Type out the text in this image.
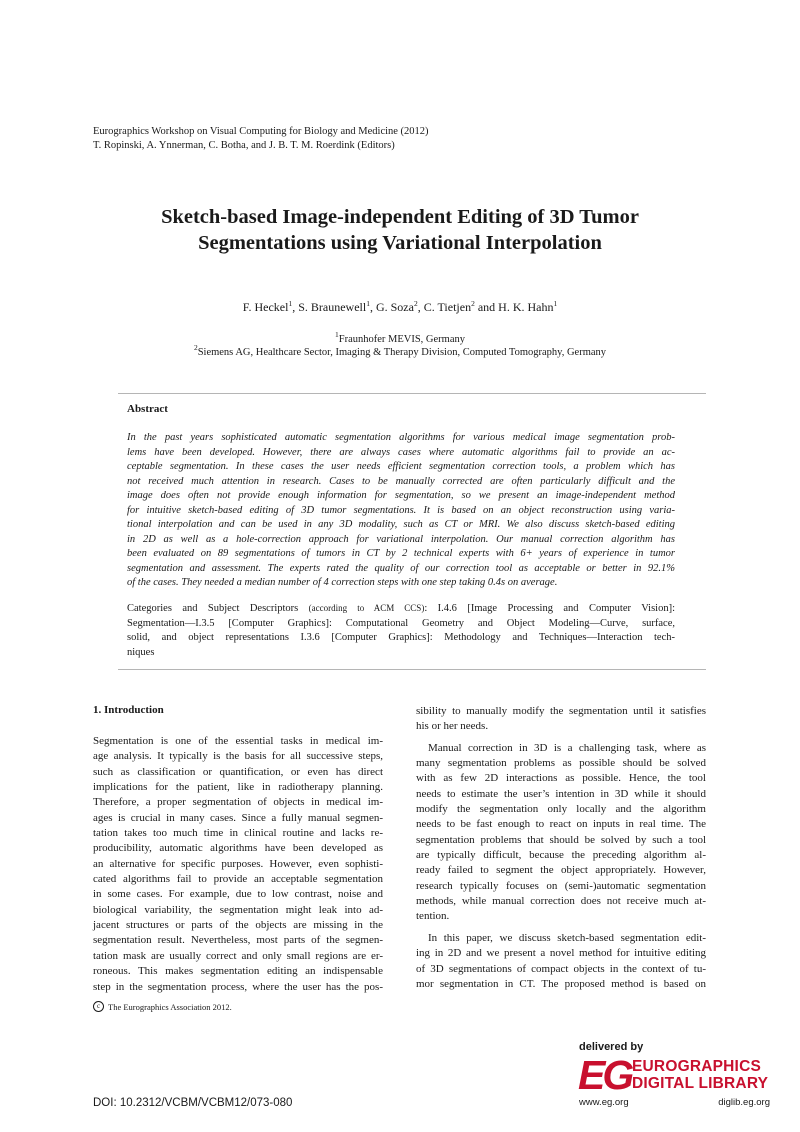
Eurographics Workshop on Visual Computing for Biology and Medicine (2012)
T. Ropinski, A. Ynnerman, C. Botha, and J. B. T. M. Roerdink (Editors)
Sketch-based Image-independent Editing of 3D Tumor
Segmentations using Variational Interpolation
F. Heckel$^1$, S. Braunewell$^1$, G. Soza$^2$, C. Tietjen$^2$ and H. K. Hahn$^1$
$^1$Fraunhofer MEVIS, Germany
$^2$Siemens AG, Healthcare Sector, Imaging & Therapy Division, Computed Tomography, Germany
Abstract
In the past years sophisticated automatic segmentation algorithms for various medical image segmentation prob-
lems have been developed. However, there are always cases where automatic algorithms fail to provide an ac-
ceptable segmentation. In these cases the user needs efficient segmentation correction tools, a problem which has
not received much attention in research. Cases to be manually corrected are often particularly difficult and the
image does often not provide enough information for segmentation, so we present an image-independent method
for intuitive sketch-based editing of 3D tumor segmentations. It is based on an object reconstruction using varia-
tional interpolation and can be used in any 3D modality, such as CT or MRI. We also discuss sketch-based editing
in 2D as well as a hole-correction approach for variational interpolation. Our manual correction algorithm has
been evaluated on 89 segmentations of tumors in CT by 2 technical experts with 6+ years of experience in tumor
segmentation and assessment. The experts rated the quality of our correction tool as acceptable or better in 92.1%
of the cases. They needed a median number of 4 correction steps with one step taking 0.4s on average.
Categories and Subject Descriptors (according to ACM CCS): I.4.6 [Image Processing and Computer Vision]:
Segmentation—I.3.5 [Computer Graphics]: Computational Geometry and Object Modeling—Curve, surface,
solid, and object representations I.3.6 [Computer Graphics]: Methodology and Techniques—Interaction tech-
niques
1. Introduction
Segmentation is one of the essential tasks in medical im-
age analysis. It typically is the basis for all successive steps,
such as classification or quantification, or even has direct
implications for the patient, like in radiotherapy planning.
Therefore, a proper segmentation of objects in medical im-
ages is crucial in many cases. Since a fully manual segmen-
tation takes too much time in clinical routine and lacks re-
producibility, automatic algorithms have been developed as
an alternative for specific purposes. However, even sophisti-
cated algorithms fail to provide an acceptable segmentation
in some cases. For example, due to low contrast, noise and
biological variability, the segmentation might leak into ad-
jacent structures or parts of the objects are missing in the
segmentation result. Nevertheless, most parts of the segmen-
tation mask are usually correct and only small regions are er-
roneous. This makes segmentation editing an indispensable
step in the segmentation process, where the user has the pos-
sibility to manually modify the segmentation until it satisfies
his or her needs.
Manual correction in 3D is a challenging task, where as
many segmentation problems as possible should be solved
with as few 2D interactions as possible. Hence, the tool
needs to estimate the user’s intention in 3D while it should
modify the segmentation only locally and the algorithm
needs to be fast enough to react on inputs in real time. The
segmentation problems that should be solved by such a tool
are typically difficult, because the preceding algorithm al-
ready failed to segment the object appropriately. However,
research typically focuses on (semi-)automatic segmentation
methods, while manual correction does not receive much at-
tention.
In this paper, we discuss sketch-based segmentation edit-
ing in 2D and we present a novel method for intuitive editing
of 3D segmentations of compact objects in the context of tu-
mor segmentation in CT. The proposed method is based on
c The Eurographics Association 2012.
DOI: 10.2312/VCBM/VCBM12/073-080
delivered by
EG EUROGRAPHICS
DIGITAL LIBRARY
www.eg.org	diglib.eg.org
